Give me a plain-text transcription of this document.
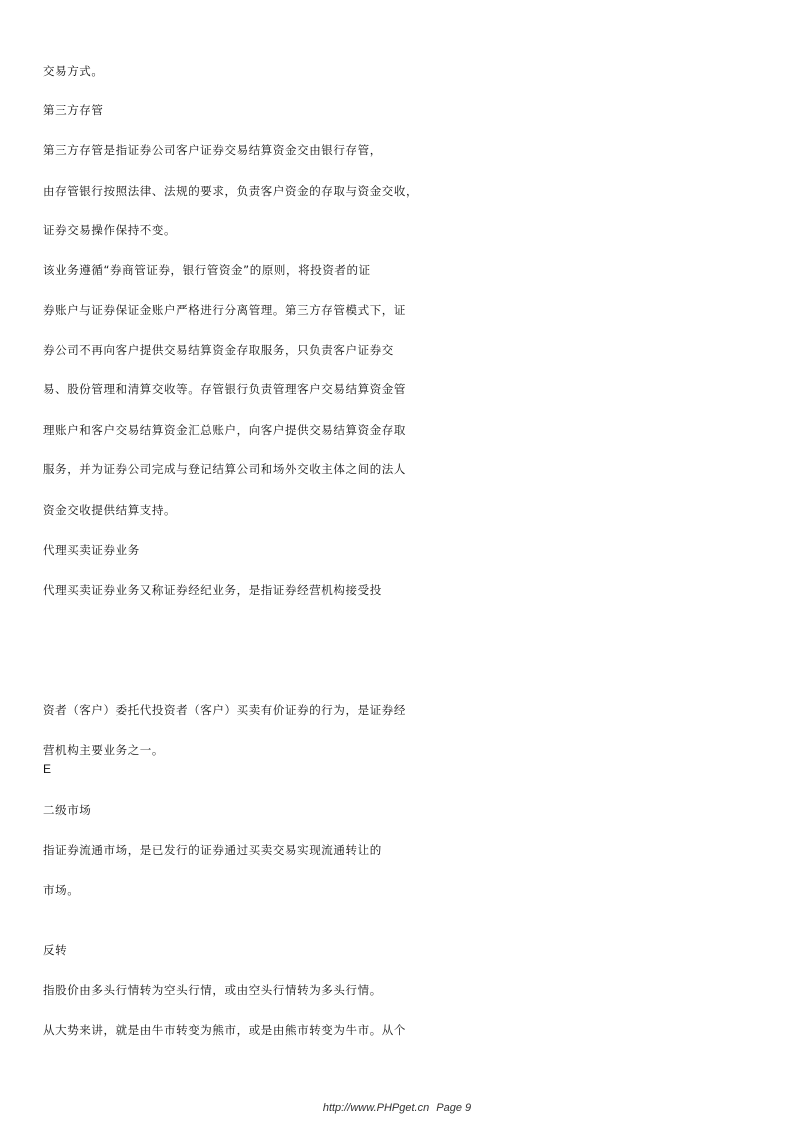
交易方式。
第三方存管
第三方存管是指证券公司客户证券交易结算资金交由银行存管，
由存管银行按照法律、法规的要求，负责客户资金的存取与资金交收，
证券交易操作保持不变。
该业务遵循“券商管证券，银行管资金”的原则，将投资者的证
券账户与证券保证金账户严格进行分离管理。第三方存管模式下，证
券公司不再向客户提供交易结算资金存取服务，只负责客户证券交
易、股份管理和清算交收等。存管银行负责管理客户交易结算资金管
理账户和客户交易结算资金汇总账户，向客户提供交易结算资金存取
服务，并为证券公司完成与登记结算公司和场外交收主体之间的法人
资金交收提供结算支持。
代理买卖证券业务
代理买卖证券业务又称证券经纪业务，是指证券经营机构接受投
资者（客户）委托代投资者（客户）买卖有价证券的行为，是证券经
营机构主要业务之一。
E
二级市场
指证券流通市场，是已发行的证券通过买卖交易实现流通转让的
市场。
反转
指股价由多头行情转为空头行情，或由空头行情转为多头行情。
从大势来讲，就是由牛市转变为熊市，或是由熊市转变为牛市。从个
http://www.PHPget.cn Page 9
